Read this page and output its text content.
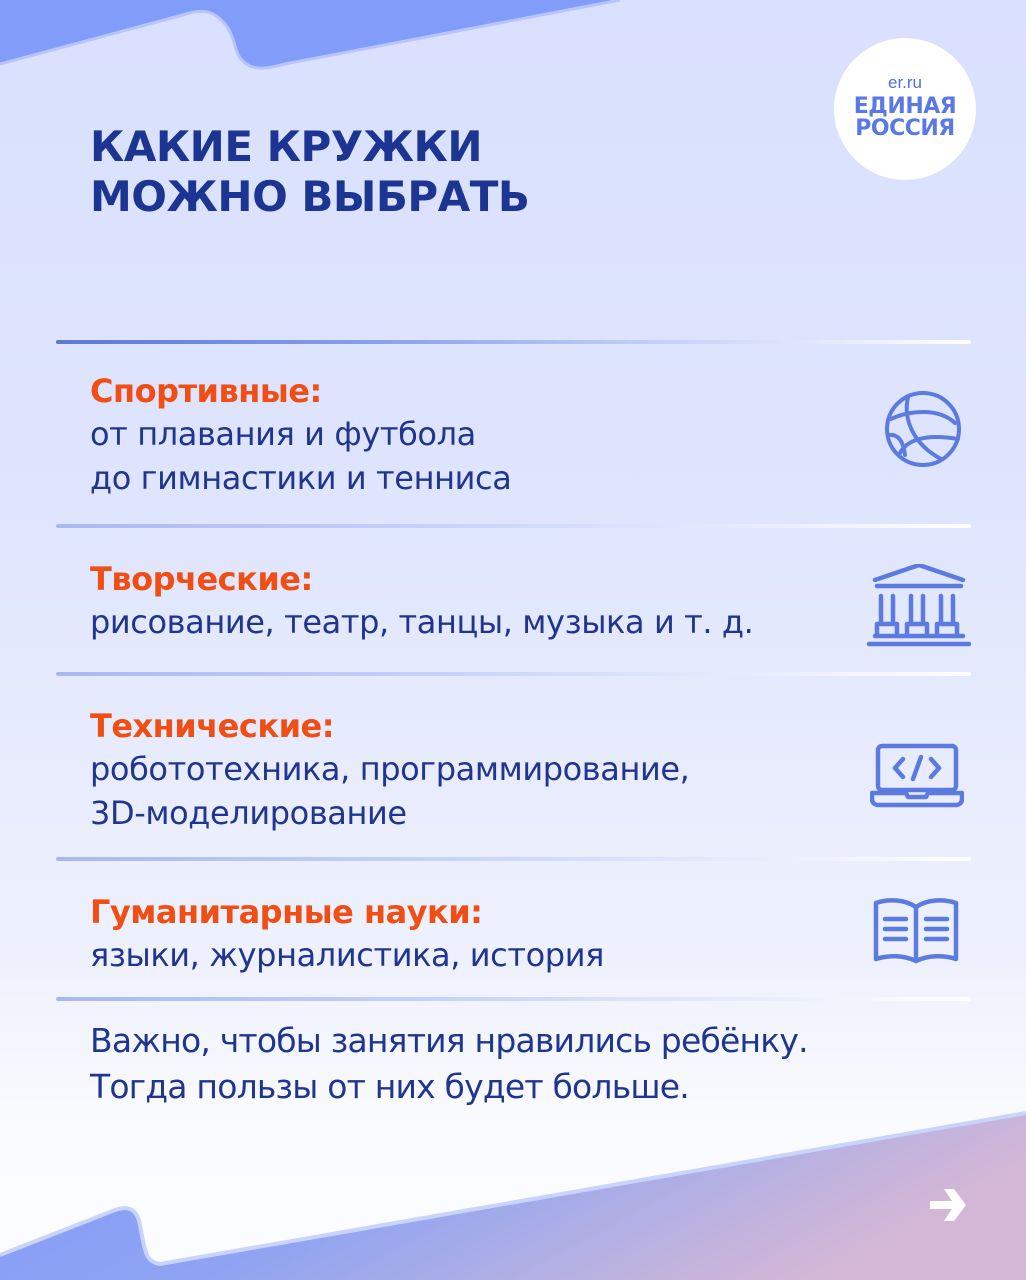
er.ru
ЕДИНАЯ
РОССИЯ
КАКИЕ КРУЖКИ
МОЖНО ВЫБРАТЬ
Спортивные:
от плавания и футбола
до гимнастики и тенниса
Творческие:
рисование, театр, танцы, музыка и т. д.
Технические:
робототехника, программирование,
3D-моделирование
Гуманитарные науки:
языки, журналистика, история
Важно, чтобы занятия нравились ребёнку.
Тогда пользы от них будет больше.
